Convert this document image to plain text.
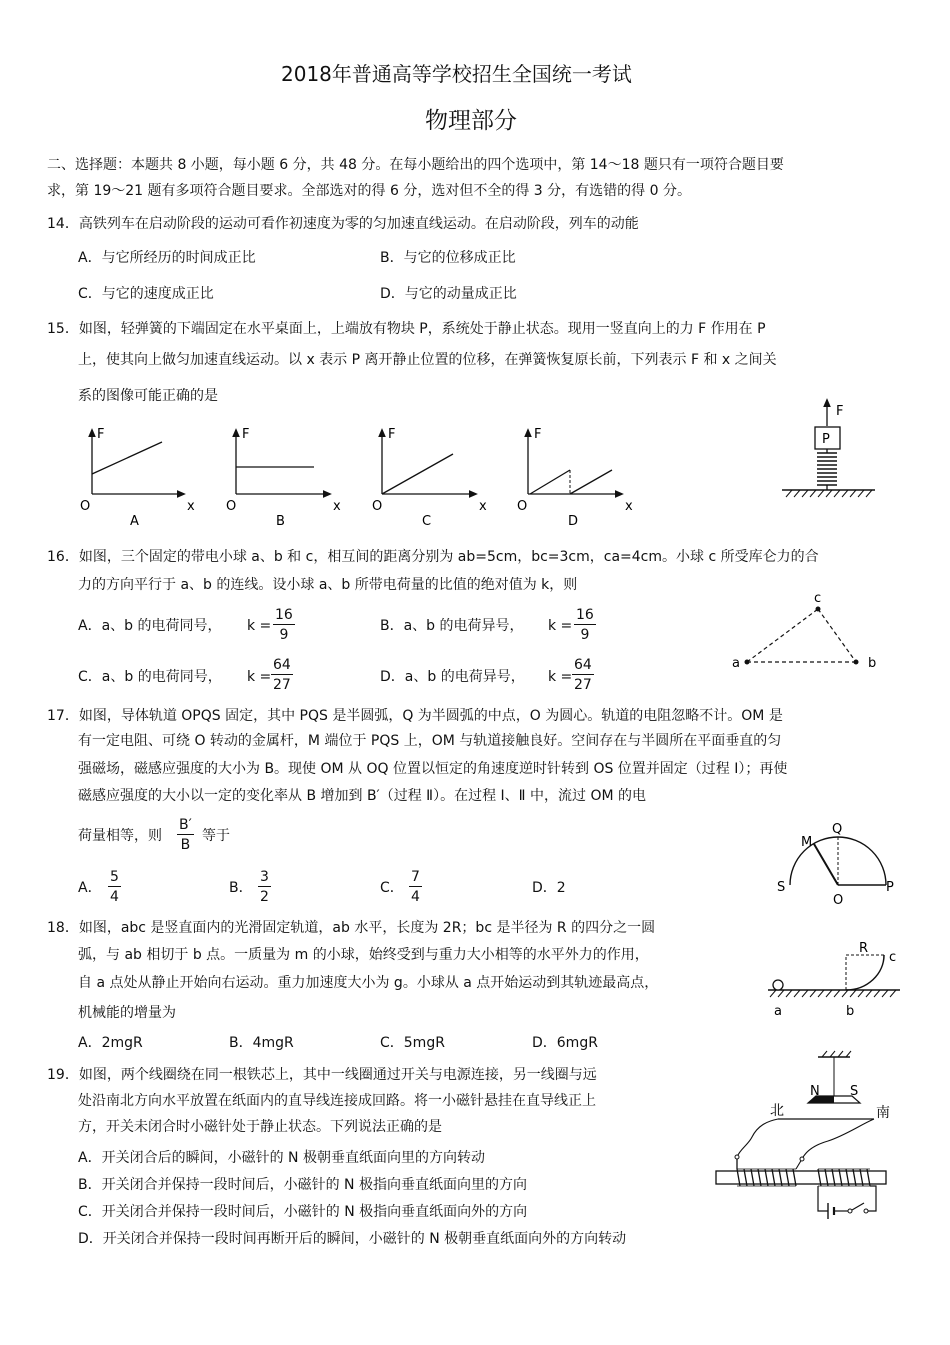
2018年普通高等学校招生全国统一考试
物理部分
二、选择题：本题共 8 小题，每小题 6 分，共 48 分。在每小题给出的四个选项中，第 14～18 题只有一项符合题目要
求，第 19～21 题有多项符合题目要求。全部选对的得 6 分，选对但不全的得 3 分，有选错的得 0 分。
14．高铁列车在启动阶段的运动可看作初速度为零的匀加速直线运动。在启动阶段，列车的动能
A．与它所经历的时间成正比	B．与它的位移成正比
C．与它的速度成正比	D．与它的动量成正比
15．如图，轻弹簧的下端固定在水平桌面上，上端放有物块 P，系统处于静止状态。现用一竖直向上的力 F 作用在 P
上，使其向上做匀加速直线运动。以 x 表示 P 离开静止位置的位移，在弹簧恢复原长前，下列表示 F 和 x 之间关
系的图像可能正确的是
F
O	x
A
F
O	x
B
F
O	x
C
F
O	x
D
F
P
16．如图，三个固定的带电小球 a、b 和 c，相互间的距离分别为 ab=5cm，bc=3cm，ca=4cm。小球 c 所受库仑力的合
力的方向平行于 a、b 的连线。设小球 a、b 所带电荷量的比值的绝对值为 k，则
A．a、b 的电荷同号， $k = \frac{16}{9}$	B．a、b 的电荷异号， $k = \frac{16}{9}$
C．a、b 的电荷同号， $k = \frac{64}{27}$	D．a、b 的电荷异号， $k = \frac{64}{27}$	a	b
c
17．如图，导体轨道 OPQS 固定，其中 PQS 是半圆弧，Q 为半圆弧的中点，O 为圆心。轨道的电阻忽略不计。OM 是
有一定电阻、可绕 O 转动的金属杆，M 端位于 PQS 上，OM 与轨道接触良好。空间存在与半圆所在平面垂直的匀
强磁场，磁感应强度的大小为 B。现使 OM 从 OQ 位置以恒定的角速度逆时针转到 OS 位置并固定（过程 Ⅰ）；再使
磁感应强度的大小以一定的变化率从 B 增加到 B′（过程 Ⅱ）。在过程 Ⅰ、Ⅱ 中，流过 OM 的电
荷量相等，则 $\frac{B'}{B}$ 等于
A． $\frac{5}{4}$	B． $\frac{3}{2}$	C． $\frac{7}{4}$	D．2
M
Q
S
O
P
18．如图，abc 是竖直面内的光滑固定轨道，ab 水平，长度为 2R；bc 是半径为 R 的四分之一圆
弧，与 ab 相切于 b 点。一质量为 m 的小球，始终受到与重力大小相等的水平外力的作用，
自 a 点处从静止开始向右运动。重力加速度大小为 g。小球从 a 点开始运动到其轨迹最高点，
机械能的增量为
A．2mgR	B．4mgR	C．5mgR	D．6mgR
R
c
a	b
19．如图，两个线圈绕在同一根铁芯上，其中一线圈通过开关与电源连接，另一线圈与远
处沿南北方向水平放置在纸面内的直导线连接成回路。将一小磁针悬挂在直导线正上
方，开关未闭合时小磁针处于静止状态。下列说法正确的是
A．开关闭合后的瞬间，小磁针的 N 极朝垂直纸面向里的方向转动
B．开关闭合并保持一段时间后，小磁针的 N 极指向垂直纸面向里的方向
C．开关闭合并保持一段时间后，小磁针的 N 极指向垂直纸面向外的方向
D．开关闭合并保持一段时间再断开后的瞬间，小磁针的 N 极朝垂直纸面向外的方向转动
N S
北	南
